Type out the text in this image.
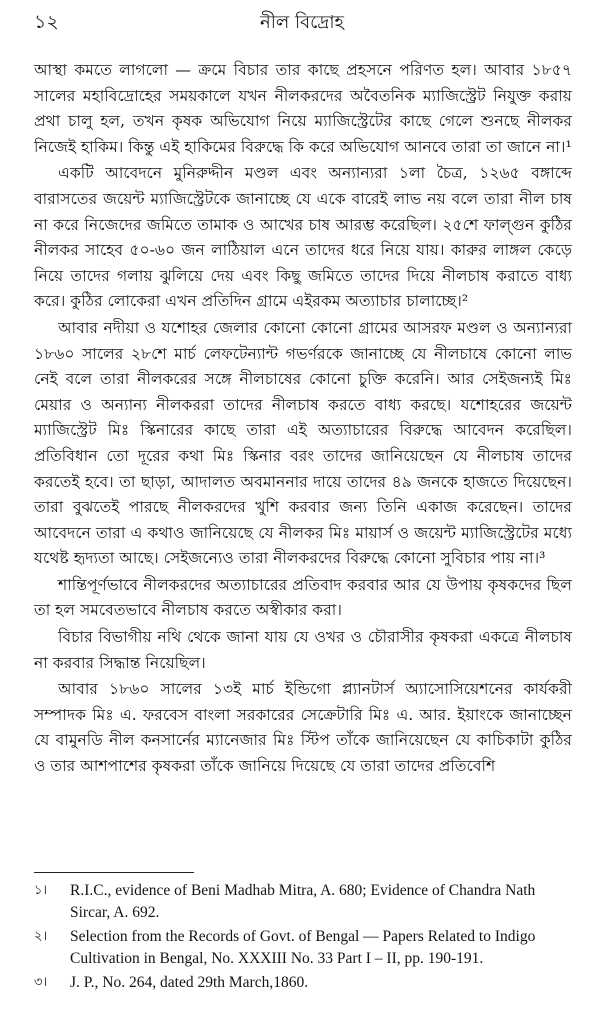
১২	নীল বিদ্রোহ

আস্থা কমতে লাগলো — ক্রমে বিচার তার কাছে প্রহসনে পরিণত হল। আবার ১৮৫৭ সালের মহাবিদ্রোহের সময়কালে যখন নীলকরদের অবৈতনিক ম্যাজিস্ট্রেট নিযুক্ত করায় প্রথা চালু হল, তখন কৃষক অভিযোগ নিয়ে ম্যাজিস্ট্রেটের কাছে গেলে শুনছে নীলকর নিজেই হাকিম। কিন্তু এই হাকিমের বিরুদ্ধে কি করে অভিযোগ আনবে তারা তা জানে না।¹

একটি আবেদনে মুনিরুদ্দীন মণ্ডল এবং অন্যান্যরা ১লা চৈত্র, ১২৬৫ বঙ্গাব্দে বারাসতের জয়েন্ট ম্যাজিস্ট্রেটকে জানাচ্ছে যে একে বারেই লাভ নয় বলে তারা নীল চাষ না করে নিজেদের জমিতে তামাক ও আখের চাষ আরম্ভ করেছিল। ২৫শে ফাল্গুন কুঠির নীলকর সাহেব ৫০-৬০ জন লাঠিয়াল এনে তাদের ধরে নিয়ে যায়। কারুর লাঙ্গল কেড়ে নিয়ে তাদের গলায় ঝুলিয়ে দেয় এবং কিছু জমিতে তাদের দিয়ে নীলচাষ করাতে বাধ্য করে। কুঠির লোকেরা এখন প্রতিদিন গ্রামে এইরকম অত্যাচার চালাচ্ছে।²

আবার নদীয়া ও যশোহর জেলার কোনো কোনো গ্রামের আসরফ মণ্ডল ও অন্যান্যরা ১৮৬০ সালের ২৮শে মার্চ লেফটেন্যান্ট গভর্ণরকে জানাচ্ছে যে নীলচাষে কোনো লাভ নেই বলে তারা নীলকরের সঙ্গে নীলচাষের কোনো চুক্তি করেনি। আর সেইজন্যই মিঃ মেয়ার ও অন্যান্য নীলকররা তাদের নীলচাষ করতে বাধ্য করছে। যশোহরের জয়েন্ট ম্যাজিস্ট্রেট মিঃ স্কিনারের কাছে তারা এই অত্যাচারের বিরুদ্ধে আবেদন করেছিল। প্রতিবিধান তো দূরের কথা মিঃ স্কিনার বরং তাদের জানিয়েছেন যে নীলচাষ তাদের করতেই হবে। তা ছাড়া, আদালত অবমাননার দায়ে তাদের ৪৯ জনকে হাজতে দিয়েছেন। তারা বুঝতেই পারছে নীলকরদের খুশি করবার জন্য তিনি একাজ করেছেন। তাদের আবেদনে তারা এ কথাও জানিয়েছে যে নীলকর মিঃ মায়ার্স ও জয়েন্ট ম্যাজিস্ট্রেটের মধ্যে যথেষ্ট হৃদ্যতা আছে। সেইজন্যেও তারা নীলকরদের বিরুদ্ধে কোনো সুবিচার পায় না।³

শান্তিপূর্ণভাবে নীলকরদের অত্যাচারের প্রতিবাদ করবার আর যে উপায় কৃষকদের ছিল তা হল সমবেতভাবে নীলচাষ করতে অস্বীকার করা।

বিচার বিভাগীয় নথি থেকে জানা যায় যে ওখর ও চৌরাসীর কৃষকরা একত্রে নীলচাষ না করবার সিদ্ধান্ত নিয়েছিল।

আবার ১৮৬০ সালের ১৩ই মার্চ ইন্ডিগো প্ল্যানটার্স অ্যাসোসিয়েশনের কার্যকরী সম্পাদক মিঃ এ. ফরবেস বাংলা সরকারের সেক্রেটারি মিঃ এ. আর. ইয়াংকে জানাচ্ছেন যে বামুনডি নীল কনসার্নের ম্যানেজার মিঃ স্টিপ তাঁকে জানিয়েছেন যে কাচিকাটা কুঠির ও তার আশপাশের কৃষকরা তাঁকে জানিয়ে দিয়েছে যে তারা তাদের প্রতিবেশি

১।	R.I.C., evidence of Beni Madhab Mitra, A. 680; Evidence of Chandra Nath Sircar, A. 692.
২।	Selection from the Records of Govt. of Bengal — Papers Related to Indigo Cultivation in Bengal, No. XXXIII No. 33 Part I – II, pp. 190-191.
৩।	J. P., No. 264, dated 29th March,1860.
